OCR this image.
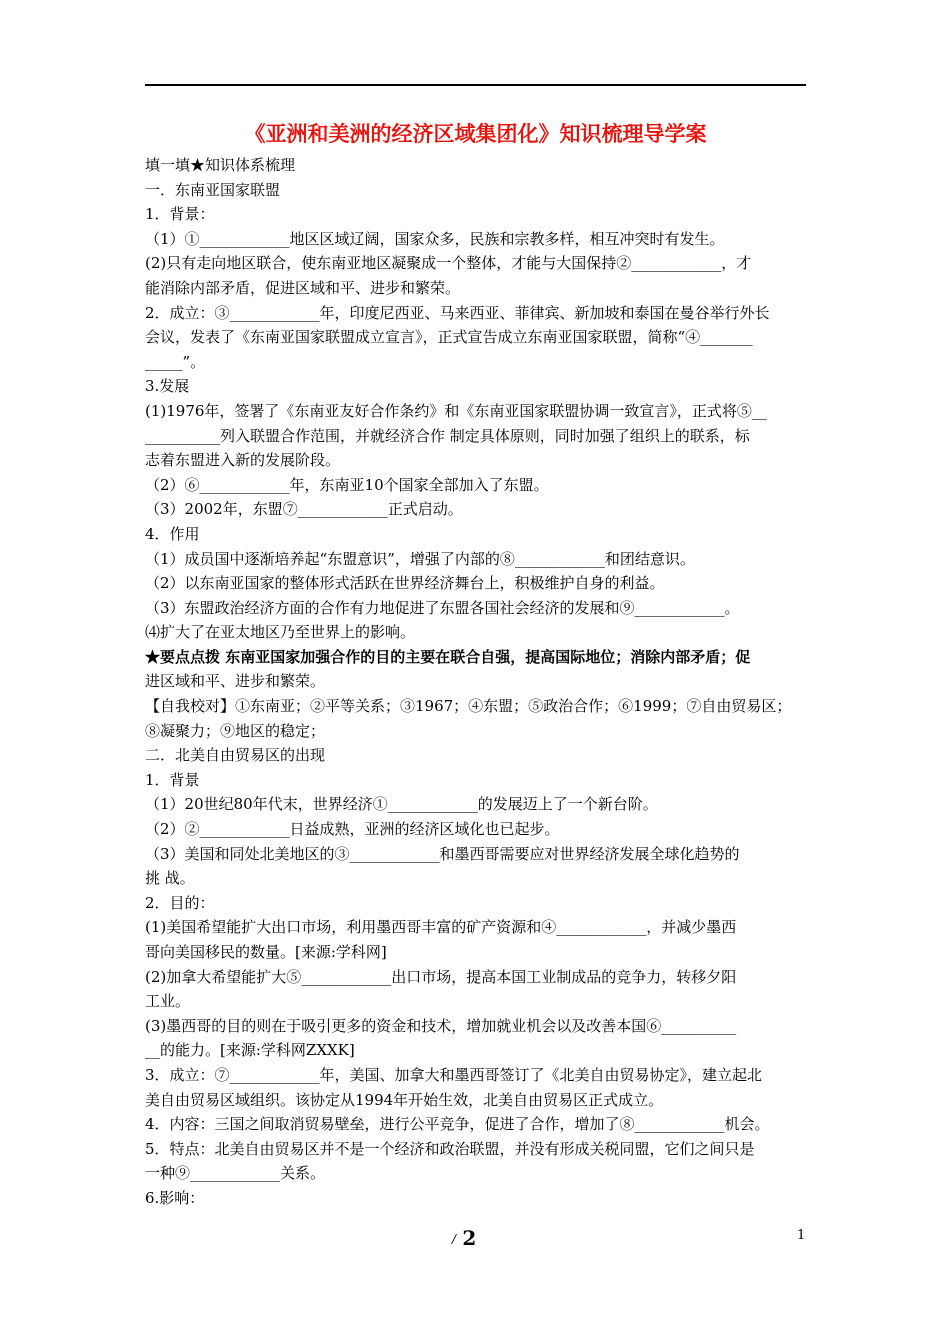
《亚洲和美洲的经济区域集团化》知识梳理导学案

填一填★知识体系梳理

一．东南亚国家联盟

1．背景：

（1）①____________地区区域辽阔，国家众多，民族和宗教多样，相互冲突时有发生。

(2)只有走向地区联合，使东南亚地区凝聚成一个整体，才能与大国保持②____________，才

能消除内部矛盾，促进区域和平、进步和繁荣。

2．成立：③____________年，印度尼西亚、马来西亚、菲律宾、新加坡和泰国在曼谷举行外长

会议，发表了《东南亚国家联盟成立宣言》，正式宣告成立东南亚国家联盟，简称“④_______

_____”。

3.发展

(1)1976年，签署了《东南亚友好合作条约》和《东南亚国家联盟协调一致宣言》，正式将⑤__

__________列入联盟合作范围，并就经济合作 制定具体原则，同时加强了组织上的联系，标

志着东盟进入新的发展阶段。

（2）⑥____________年，东南亚10个国家全部加入了东盟。

（3）2002年，东盟⑦____________正式启动。

4．作用

（1）成员国中逐渐培养起“东盟意识”，增强了内部的⑧____________和团结意识。

（2）以东南亚国家的整体形式活跃在世界经济舞台上，积极维护自身的利益。

（3）东盟政治经济方面的合作有力地促进了东盟各国社会经济的发展和⑨____________。

⑷扩大了在亚太地区乃至世界上的影响。

★要点点拨 东南亚国家加强合作的目的主要在联合自强，提高国际地位；消除内部矛盾；促

进区域和平、进步和繁荣。

【自我校对】①东南亚；②平等关系；③1967；④东盟；⑤政治合作；⑥1999；⑦自由贸易区；

⑧凝聚力；⑨地区的稳定；

二．北美自由贸易区的出现

1．背景

（1）20世纪80年代末，世界经济①____________的发展迈上了一个新台阶。

（2）②____________日益成熟，亚洲的经济区域化也已起步。

（3）美国和同处北美地区的③____________和墨西哥需要应对世界经济发展全球化趋势的

挑 战。

2．目的：

(1)美国希望能扩大出口市场，利用墨西哥丰富的矿产资源和④____________，并减少墨西

哥向美国移民的数量。[来源:学科网]

(2)加拿大希望能扩大⑤____________出口市场，提高本国工业制成品的竞争力，转移夕阳

工业。

(3)墨西哥的目的则在于吸引更多的资金和技术，增加就业机会以及改善本国⑥__________

__的能力。[来源:学科网ZXXK]

3．成立：⑦____________年，美国、加拿大和墨西哥签订了《北美自由贸易协定》，建立起北

美自由贸易区域组织。该协定从1994年开始生效，北美自由贸易区正式成立。

4．内容：三国之间取消贸易壁垒，进行公平竞争，促进了合作，增加了⑧____________机会。

5．特点：北美自由贸易区并不是一个经济和政治联盟，并没有形成关税同盟，它们之间只是

一种⑨____________关系。

6.影响：

/ 2	1
